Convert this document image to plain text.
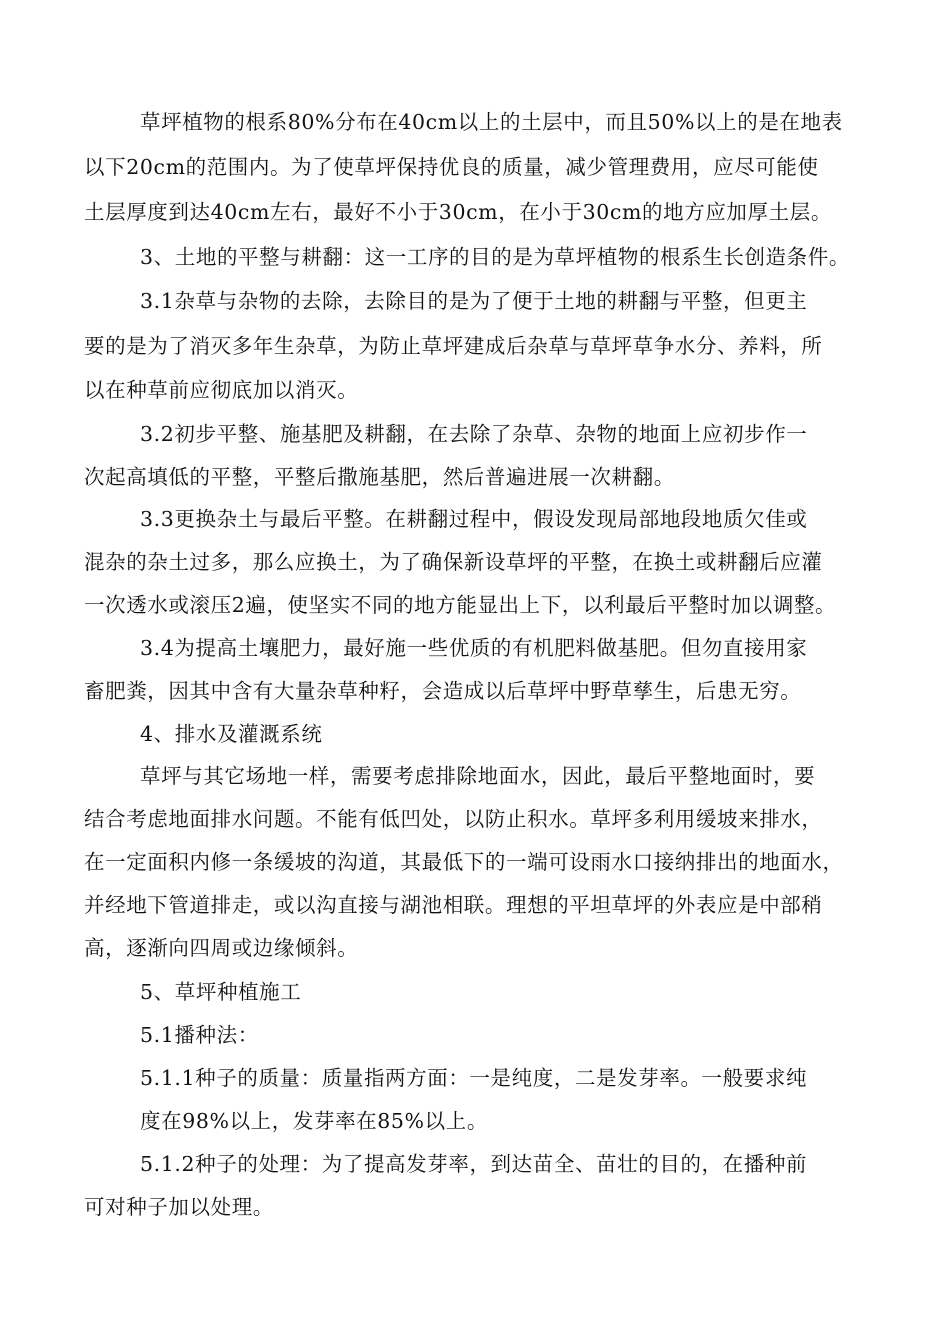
草坪植物的根系80%分布在40cm以上的土层中，而且50%以上的是在地表
以下20cm的范围内。为了使草坪保持优良的质量，减少管理费用，应尽可能使
土层厚度到达40cm左右，最好不小于30cm，在小于30cm的地方应加厚土层。
3、土地的平整与耕翻：这一工序的目的是为草坪植物的根系生长创造条件。
3.1杂草与杂物的去除，去除目的是为了便于土地的耕翻与平整，但更主
要的是为了消灭多年生杂草，为防止草坪建成后杂草与草坪草争水分、养料，所
以在种草前应彻底加以消灭。
3.2初步平整、施基肥及耕翻，在去除了杂草、杂物的地面上应初步作一
次起高填低的平整，平整后撒施基肥，然后普遍进展一次耕翻。
3.3更换杂土与最后平整。在耕翻过程中，假设发现局部地段地质欠佳或
混杂的杂土过多，那么应换土，为了确保新设草坪的平整，在换土或耕翻后应灌
一次透水或滚压2遍，使坚实不同的地方能显出上下，以利最后平整时加以调整。
3.4为提高土壤肥力，最好施一些优质的有机肥料做基肥。但勿直接用家
畜肥粪，因其中含有大量杂草种籽，会造成以后草坪中野草孳生，后患无穷。
4、排水及灌溉系统
草坪与其它场地一样，需要考虑排除地面水，因此，最后平整地面时，要
结合考虑地面排水问题。不能有低凹处，以防止积水。草坪多利用缓坡来排水，
在一定面积内修一条缓坡的沟道，其最低下的一端可设雨水口接纳排出的地面水，
并经地下管道排走，或以沟直接与湖池相联。理想的平坦草坪的外表应是中部稍
高，逐渐向四周或边缘倾斜。
5、草坪种植施工
5.1播种法：
5.1.1种子的质量：质量指两方面：一是纯度，二是发芽率。一般要求纯
度在98%以上，发芽率在85%以上。
5.1.2种子的处理：为了提高发芽率，到达苗全、苗壮的目的，在播种前
可对种子加以处理。
